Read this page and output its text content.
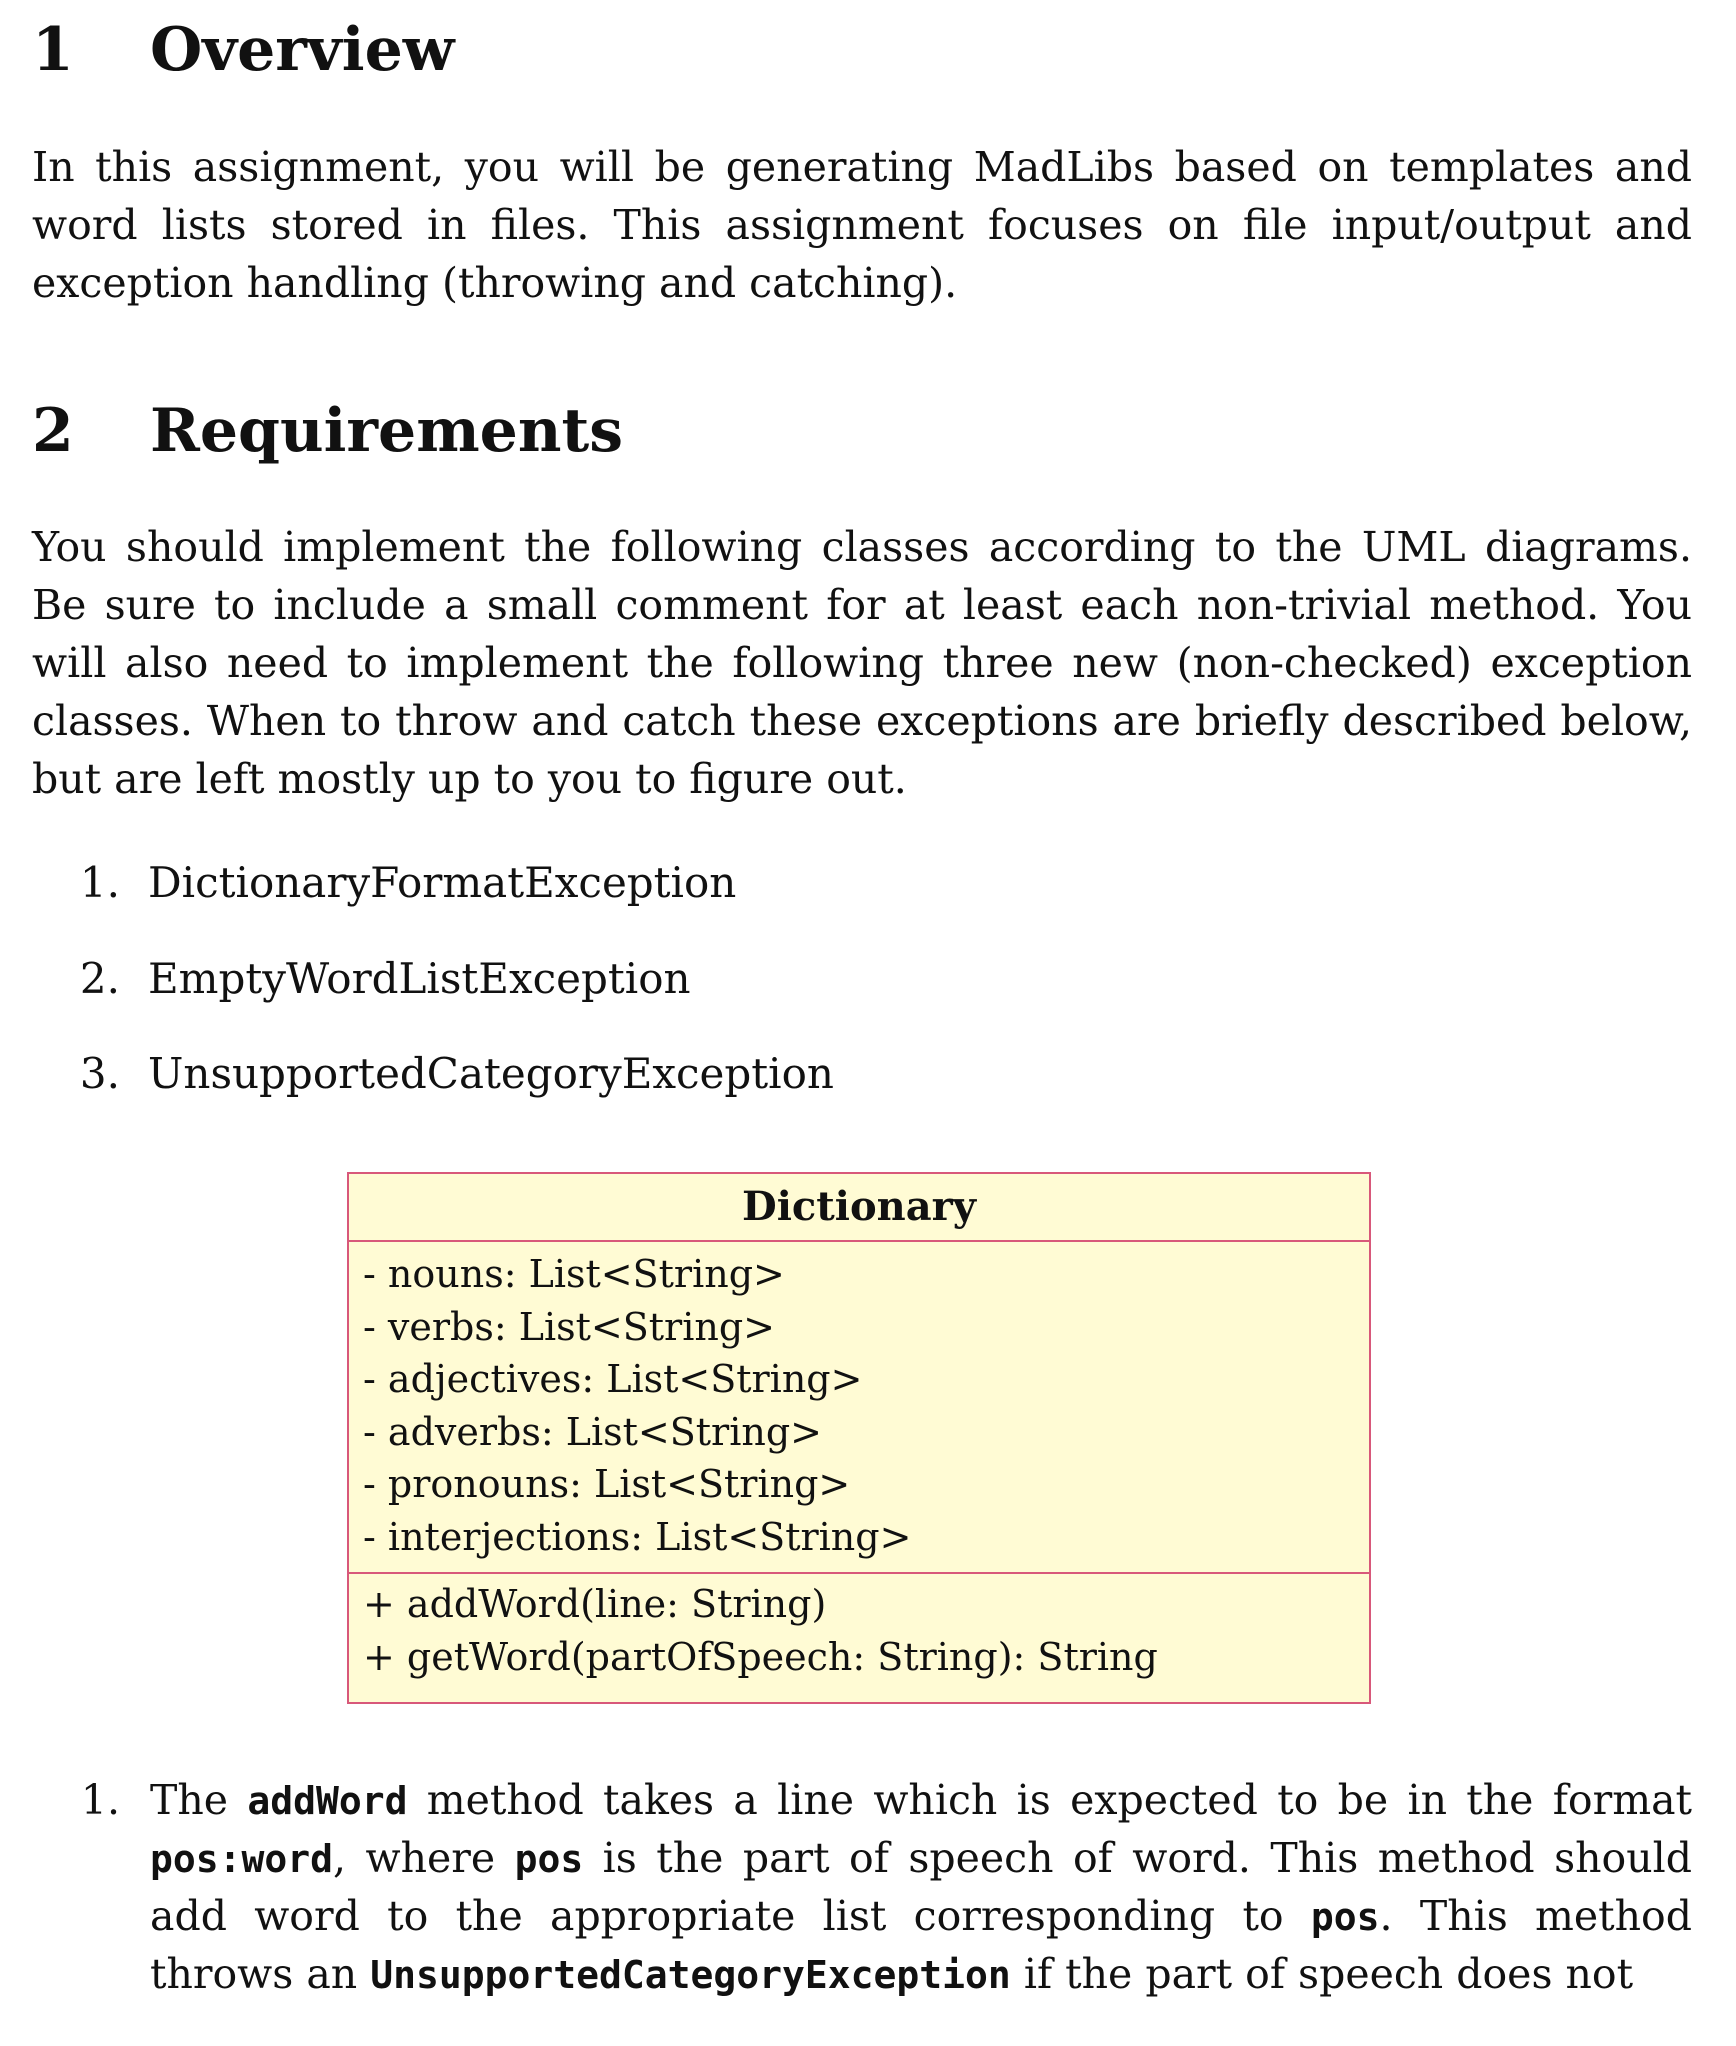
1 Overview
In this assignment, you will be generating MadLibs based on templates and word lists stored in files. This assignment focuses on file input/output and exception handling (throwing and catching).
2 Requirements
You should implement the following classes according to the UML diagrams. Be sure to include a small comment for at least each non-trivial method. You will also need to implement the following three new (non-checked) exception classes. When to throw and catch these exceptions are briefly described below, but are left mostly up to you to figure out.
1. DictionaryFormatException
2. EmptyWordListException
3. UnsupportedCategoryException
Dictionary
- nouns: List<String>
- verbs: List<String>
- adjectives: List<String>
- adverbs: List<String>
- pronouns: List<String>
- interjections: List<String>
+ addWord(line: String)
+ getWord(partOfSpeech: String): String
1. The addWord method takes a line which is expected to be in the format pos:word, where pos is the part of speech of word. This method should add word to the appropriate list corresponding to pos. This method throws an UnsupportedCategoryException if the part of speech does not
